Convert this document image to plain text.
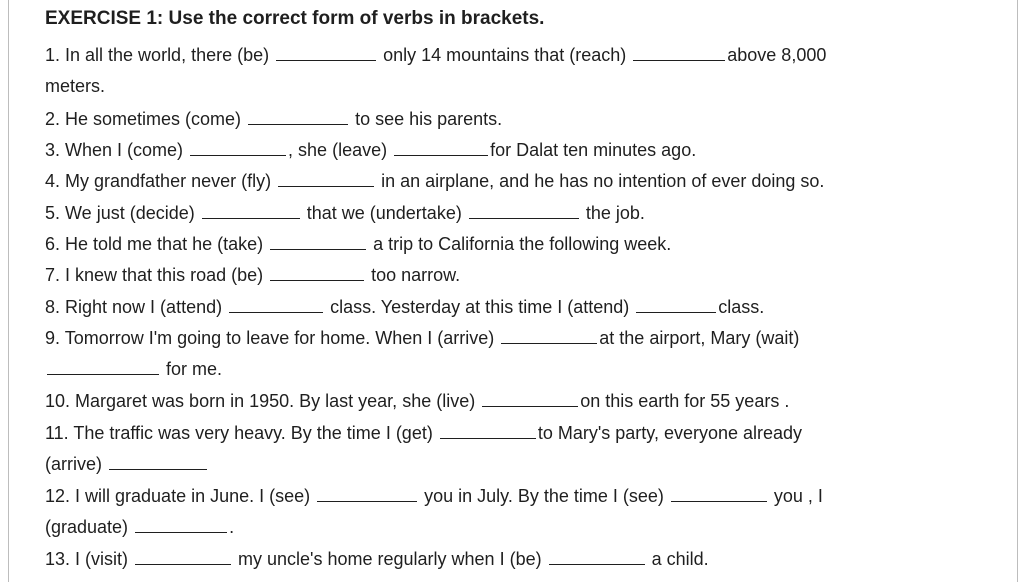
EXERCISE 1: Use the correct form of verbs in brackets.
1. In all the world, there (be)	only 14 mountains that (reach)	above 8,000
meters.
2. He sometimes (come)	to see his parents.
3. When I (come)	, she (leave)	for Dalat ten minutes ago.
4. My grandfather never (fly)	in an airplane, and he has no intention of ever doing so.
5. We just (decide)	that we (undertake)	the job.
6. He told me that he (take)	a trip to California the following week.
7. I knew that this road (be)	too narrow.
8. Right now I (attend)	class. Yesterday at this time I (attend)	class.
9. Tomorrow I'm going to leave for home. When I (arrive)	at the airport, Mary (wait)
for me.
10. Margaret was born in 1950. By last year, she (live)	on this earth for 55 years .
11. The traffic was very heavy. By the time I (get)	to Mary's party, everyone already
(arrive)
12. I will graduate in June. I (see)	you in July. By the time I (see)	you , I
(graduate)	.
13. I (visit)	my uncle's home regularly when I (be)	a child.
